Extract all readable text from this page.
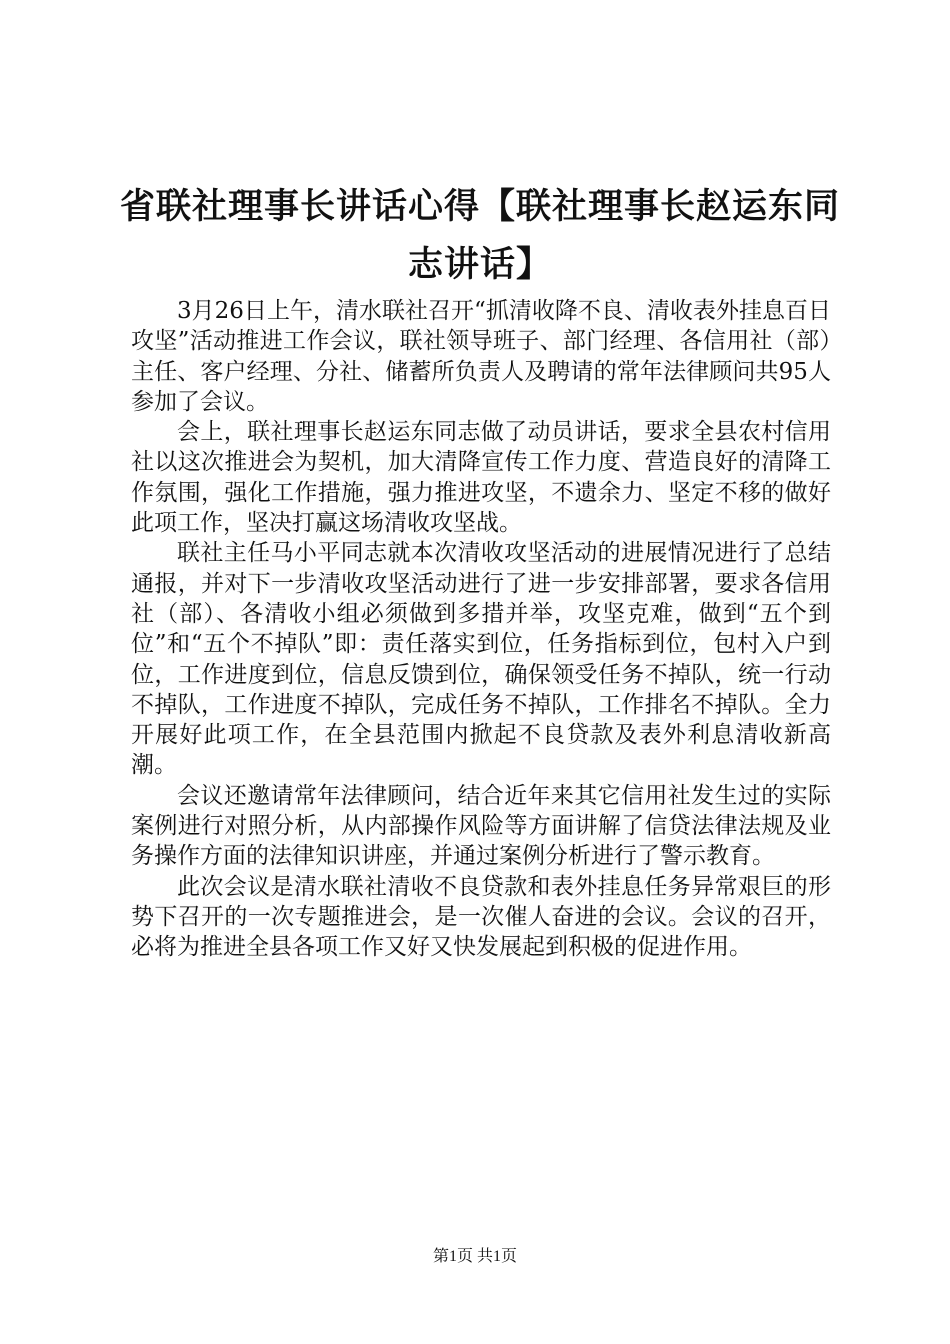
省联社理事长讲话心得【联社理事长赵运东同志讲话】

3月26日上午，清水联社召开“抓清收降不良、清收表外挂息百日攻坚”活动推进工作会议，联社领导班子、部门经理、各信用社（部）主任、客户经理、分社、储蓄所负责人及聘请的常年法律顾问共95人参加了会议。

会上，联社理事长赵运东同志做了动员讲话，要求全县农村信用社以这次推进会为契机，加大清降宣传工作力度、营造良好的清降工作氛围，强化工作措施，强力推进攻坚，不遗余力、坚定不移的做好此项工作，坚决打赢这场清收攻坚战。

联社主任马小平同志就本次清收攻坚活动的进展情况进行了总结通报，并对下一步清收攻坚活动进行了进一步安排部署，要求各信用社（部）、各清收小组必须做到多措并举，攻坚克难，做到“五个到位”和“五个不掉队”即：责任落实到位，任务指标到位，包村入户到位，工作进度到位，信息反馈到位，确保领受任务不掉队，统一行动不掉队，工作进度不掉队，完成任务不掉队，工作排名不掉队。全力开展好此项工作，在全县范围内掀起不良贷款及表外利息清收新高潮。

会议还邀请常年法律顾问，结合近年来其它信用社发生过的实际案例进行对照分析，从内部操作风险等方面讲解了信贷法律法规及业务操作方面的法律知识讲座，并通过案例分析进行了警示教育。

此次会议是清水联社清收不良贷款和表外挂息任务异常艰巨的形势下召开的一次专题推进会，是一次催人奋进的会议。会议的召开，必将为推进全县各项工作又好又快发展起到积极的促进作用。

第1页 共1页
